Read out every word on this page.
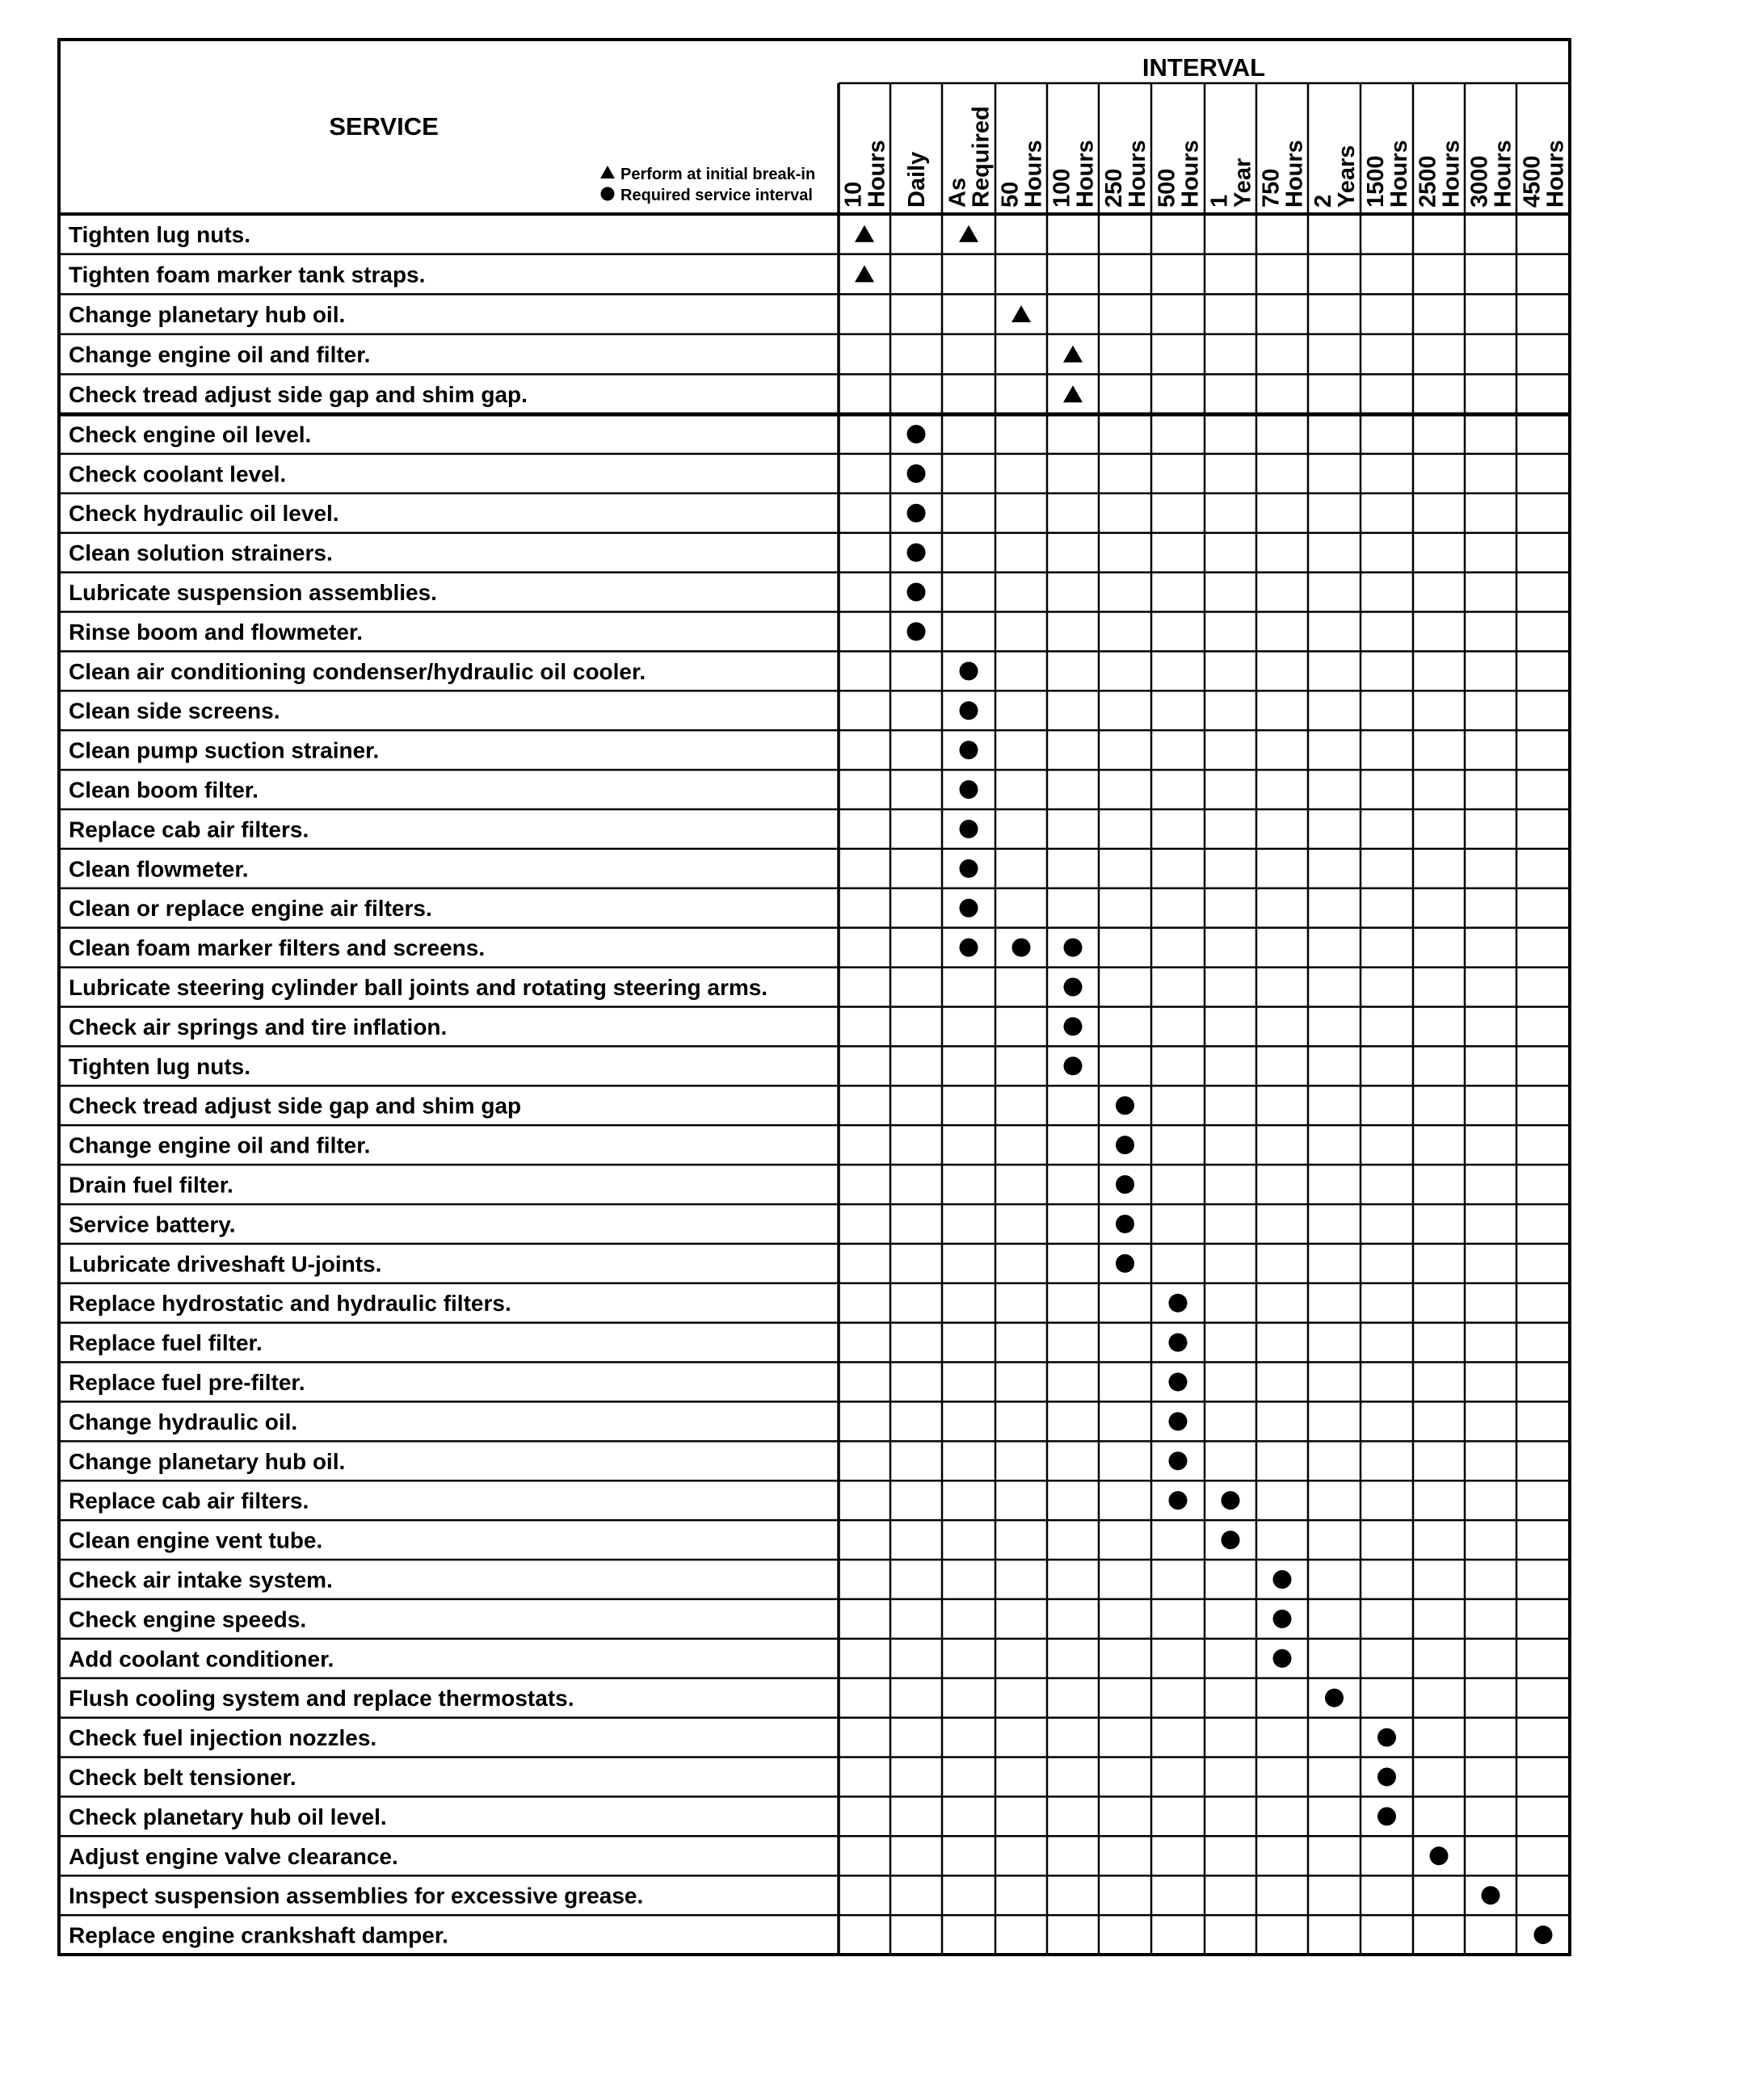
SERVICE
INTERVAL
Perform at initial break-in
Required service interval 10
Hours Daily As
Required 50
Hours 100
Hours 250
Hours 500
Hours 1
Year 750
Hours 2
Years 1500
Hours 2500
Hours 3000
Hours 4500
Hours
Tighten lug nuts.
Tighten foam marker tank straps.
Change planetary hub oil.
Change engine oil and filter.
Check tread adjust side gap and shim gap.
Check engine oil level.
Check coolant level.
Check hydraulic oil level.
Clean solution strainers.
Lubricate suspension assemblies.
Rinse boom and flowmeter.
Clean air conditioning condenser/hydraulic oil cooler.
Clean side screens.
Clean pump suction strainer.
Clean boom filter.
Replace cab air filters.
Clean flowmeter.
Clean or replace engine air filters.
Clean foam marker filters and screens.
Lubricate steering cylinder ball joints and rotating steering arms.
Check air springs and tire inflation.
Tighten lug nuts.
Check tread adjust side gap and shim gap
Change engine oil and filter.
Drain fuel filter.
Service battery.
Lubricate driveshaft U-joints.
Replace hydrostatic and hydraulic filters.
Replace fuel filter.
Replace fuel pre-filter.
Change hydraulic oil.
Change planetary hub oil.
Replace cab air filters.
Clean engine vent tube.
Check air intake system.
Check engine speeds.
Add coolant conditioner.
Flush cooling system and replace thermostats.
Check fuel injection nozzles.
Check belt tensioner.
Check planetary hub oil level.
Adjust engine valve clearance.
Inspect suspension assemblies for excessive grease.
Replace engine crankshaft damper.
